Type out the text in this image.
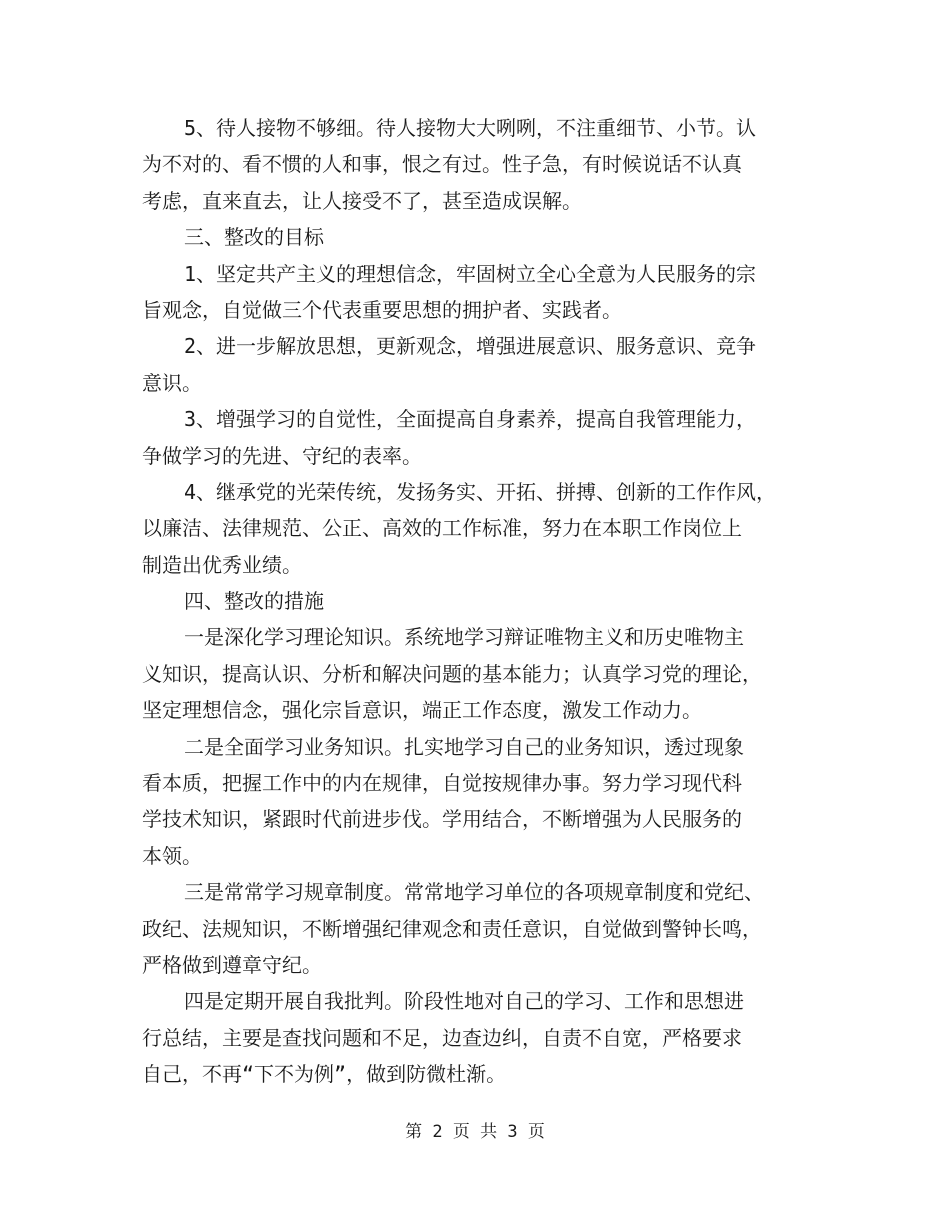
5、待人接物不够细。待人接物大大咧咧，不注重细节、小节。认
为不对的、看不惯的人和事，恨之有过。性子急，有时候说话不认真
考虑，直来直去，让人接受不了，甚至造成误解。
三、整改的目标
1、坚定共产主义的理想信念，牢固树立全心全意为人民服务的宗
旨观念，自觉做三个代表重要思想的拥护者、实践者。
2、进一步解放思想，更新观念，增强进展意识、服务意识、竞争
意识。
3、增强学习的自觉性，全面提高自身素养，提高自我管理能力，
争做学习的先进、守纪的表率。
4、继承党的光荣传统，发扬务实、开拓、拼搏、创新的工作作风，
以廉洁、法律规范、公正、高效的工作标准，努力在本职工作岗位上
制造出优秀业绩。
四、整改的措施
一是深化学习理论知识。系统地学习辩证唯物主义和历史唯物主
义知识，提高认识、分析和解决问题的基本能力；认真学习党的理论，
坚定理想信念，强化宗旨意识，端正工作态度，激发工作动力。
二是全面学习业务知识。扎实地学习自己的业务知识，透过现象
看本质，把握工作中的内在规律，自觉按规律办事。努力学习现代科
学技术知识，紧跟时代前进步伐。学用结合，不断增强为人民服务的
本领。
三是常常学习规章制度。常常地学习单位的各项规章制度和党纪、
政纪、法规知识，不断增强纪律观念和责任意识，自觉做到警钟长鸣，
严格做到遵章守纪。
四是定期开展自我批判。阶段性地对自己的学习、工作和思想进
行总结，主要是查找问题和不足，边查边纠，自责不自宽，严格要求
自己，不再“下不为例”，做到防微杜渐。
第 2 页 共 3 页
